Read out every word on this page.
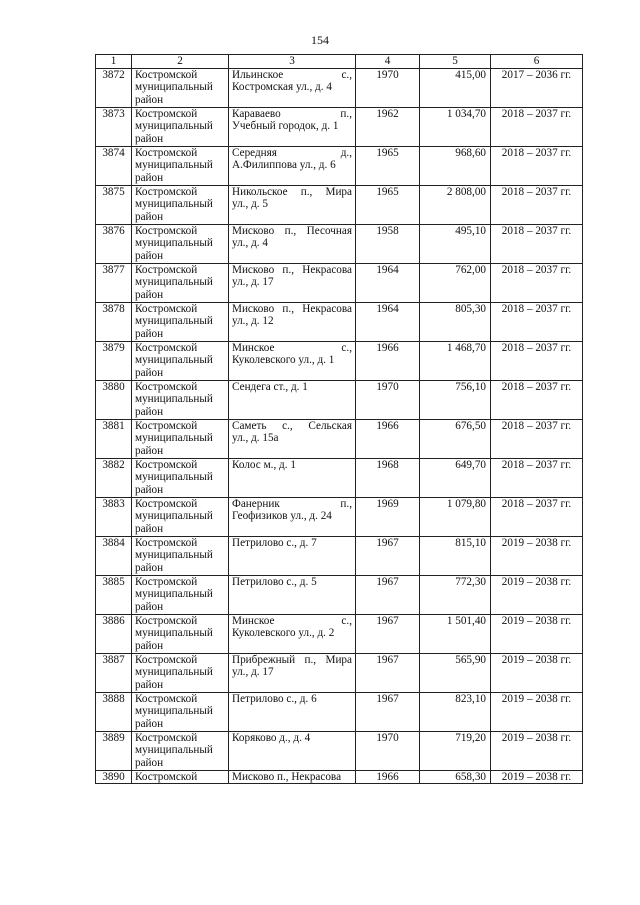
154
1	2	3	4	5	6
3872	Костромской
муниципальный
район	Ильинское с.,
Костромская ул., д. 4	1970	415,00	2017 – 2036 гг.
3873	Костромской
муниципальный
район	Караваево п.,
Учебный городок, д. 1	1962	1 034,70	2018 – 2037 гг.
3874	Костромской
муниципальный
район	Середняя д.,
А.Филиппова ул., д. 6	1965	968,60	2018 – 2037 гг.
3875	Костромской
муниципальный
район	Никольское п., Мира
ул., д. 5	1965	2 808,00	2018 – 2037 гг.
3876	Костромской
муниципальный
район	Мисково п., Песочная
ул., д. 4	1958	495,10	2018 – 2037 гг.
3877	Костромской
муниципальный
район	Мисково п., Некрасова
ул., д. 17	1964	762,00	2018 – 2037 гг.
3878	Костромской
муниципальный
район	Мисково п., Некрасова
ул., д. 12	1964	805,30	2018 – 2037 гг.
3879	Костромской
муниципальный
район	Минское с.,
Куколевского ул., д. 1	1966	1 468,70	2018 – 2037 гг.
3880	Костромской
муниципальный
район	Сендега ст., д. 1	1970	756,10	2018 – 2037 гг.
3881	Костромской
муниципальный
район	Саметь с., Сельская
ул., д. 15а	1966	676,50	2018 – 2037 гг.
3882	Костромской
муниципальный
район	Колос м., д. 1	1968	649,70	2018 – 2037 гг.
3883	Костромской
муниципальный
район	Фанерник п.,
Геофизиков ул., д. 24	1969	1 079,80	2018 – 2037 гг.
3884	Костромской
муниципальный
район	Петрилово с., д. 7	1967	815,10	2019 – 2038 гг.
3885	Костромской
муниципальный
район	Петрилово с., д. 5	1967	772,30	2019 – 2038 гг.
3886	Костромской
муниципальный
район	Минское с.,
Куколевского ул., д. 2	1967	1 501,40	2019 – 2038 гг.
3887	Костромской
муниципальный
район	Прибрежный п., Мира
ул., д. 17	1967	565,90	2019 – 2038 гг.
3888	Костромской
муниципальный
район	Петрилово с., д. 6	1967	823,10	2019 – 2038 гг.
3889	Костромской
муниципальный
район	Коряково д., д. 4	1970	719,20	2019 – 2038 гг.
3890	Костромской	Мисково п., Некрасова	1966	658,30	2019 – 2038 гг.
